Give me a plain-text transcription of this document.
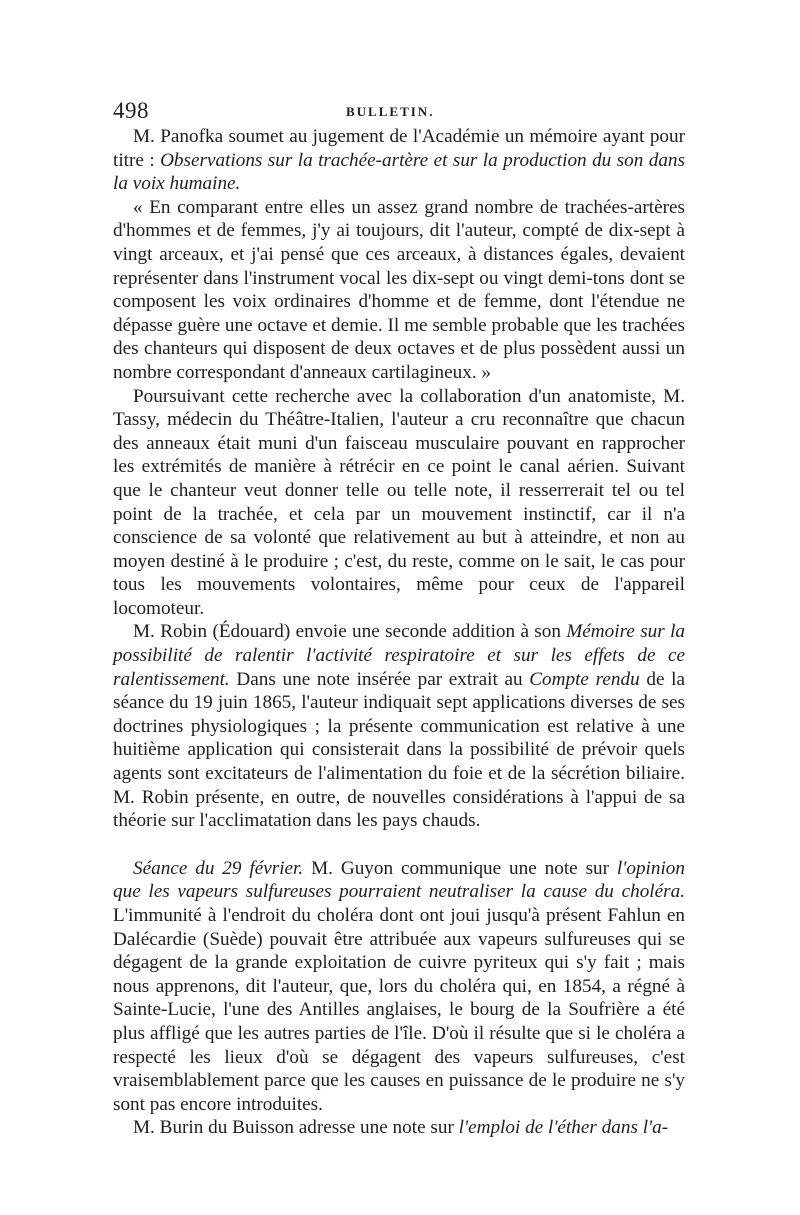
498	BULLETIN.

M. Panofka soumet au jugement de l'Académie un mémoire ayant pour titre : Observations sur la trachée-artère et sur la production du son dans la voix humaine.

« En comparant entre elles un assez grand nombre de trachées-artères d'hommes et de femmes, j'y ai toujours, dit l'auteur, compté de dix-sept à vingt arceaux, et j'ai pensé que ces arceaux, à distances égales, devaient représenter dans l'instrument vocal les dix-sept ou vingt demi-tons dont se composent les voix ordinaires d'homme et de femme, dont l'étendue ne dépasse guère une octave et demie. Il me semble probable que les trachées des chanteurs qui disposent de deux octaves et de plus possèdent aussi un nombre correspondant d'anneaux cartilagineux. »

Poursuivant cette recherche avec la collaboration d'un anatomiste, M. Tassy, médecin du Théâtre-Italien, l'auteur a cru reconnaître que chacun des anneaux était muni d'un faisceau musculaire pouvant en rapprocher les extrémités de manière à rétrécir en ce point le canal aérien. Suivant que le chanteur veut donner telle ou telle note, il resserrerait tel ou tel point de la trachée, et cela par un mouvement instinctif, car il n'a conscience de sa volonté que relativement au but à atteindre, et non au moyen destiné à le produire ; c'est, du reste, comme on le sait, le cas pour tous les mouvements volontaires, même pour ceux de l'appareil locomoteur.

M. Robin (Édouard) envoie une seconde addition à son Mémoire sur la possibilité de ralentir l'activité respiratoire et sur les effets de ce ralentissement. Dans une note insérée par extrait au Compte rendu de la séance du 19 juin 1865, l'auteur indiquait sept applications diverses de ses doctrines physiologiques ; la présente communication est relative à une huitième application qui consisterait dans la possibilité de prévoir quels agents sont excitateurs de l'alimentation du foie et de la sécrétion biliaire. M. Robin présente, en outre, de nouvelles considérations à l'appui de sa théorie sur l'acclimatation dans les pays chauds.

Séance du 29 février. M. Guyon communique une note sur l'opinion que les vapeurs sulfureuses pourraient neutraliser la cause du choléra. L'immunité à l'endroit du choléra dont ont joui jusqu'à présent Fahlun en Dalécardie (Suède) pouvait être attribuée aux vapeurs sulfureuses qui se dégagent de la grande exploitation de cuivre pyriteux qui s'y fait ; mais nous apprenons, dit l'auteur, que, lors du choléra qui, en 1854, a régné à Sainte-Lucie, l'une des Antilles anglaises, le bourg de la Soufrière a été plus affligé que les autres parties de l'île. D'où il résulte que si le choléra a respecté les lieux d'où se dégagent des vapeurs sulfureuses, c'est vraisemblablement parce que les causes en puissance de le produire ne s'y sont pas encore introduites.

M. Burin du Buisson adresse une note sur l'emploi de l'éther dans l'a-
